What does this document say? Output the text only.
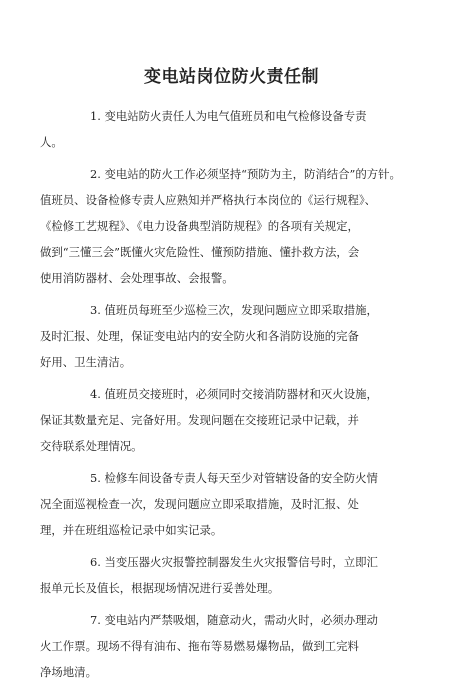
变电站岗位防火责任制
1. 变电站防火责任人为电气值班员和电气检修设备专责
人。
2. 变电站的防火工作必须坚持“预防为主，防消结合”的方针。
值班员、设备检修专责人应熟知并严格执行本岗位的《运行规程》、
《检修工艺规程》、《电力设备典型消防规程》的各项有关规定，
做到“三懂三会”既懂火灾危险性、懂预防措施、懂扑救方法，会
使用消防器材、会处理事故、会报警。
3. 值班员每班至少巡检三次，发现问题应立即采取措施，
及时汇报、处理，保证变电站内的安全防火和各消防设施的完备
好用、卫生清洁。
4. 值班员交接班时，必须同时交接消防器材和灭火设施，
保证其数量充足、完备好用。发现问题在交接班记录中记载，并
交待联系处理情况。
5. 检修车间设备专责人每天至少对管辖设备的安全防火情
况全面巡视检查一次，发现问题应立即采取措施，及时汇报、处
理，并在班组巡检记录中如实记录。
6. 当变压器火灾报警控制器发生火灾报警信号时，立即汇
报单元长及值长，根据现场情况进行妥善处理。
7. 变电站内严禁吸烟，随意动火，需动火时，必须办理动
火工作票。现场不得有油布、拖布等易燃易爆物品，做到工完料
净场地清。
